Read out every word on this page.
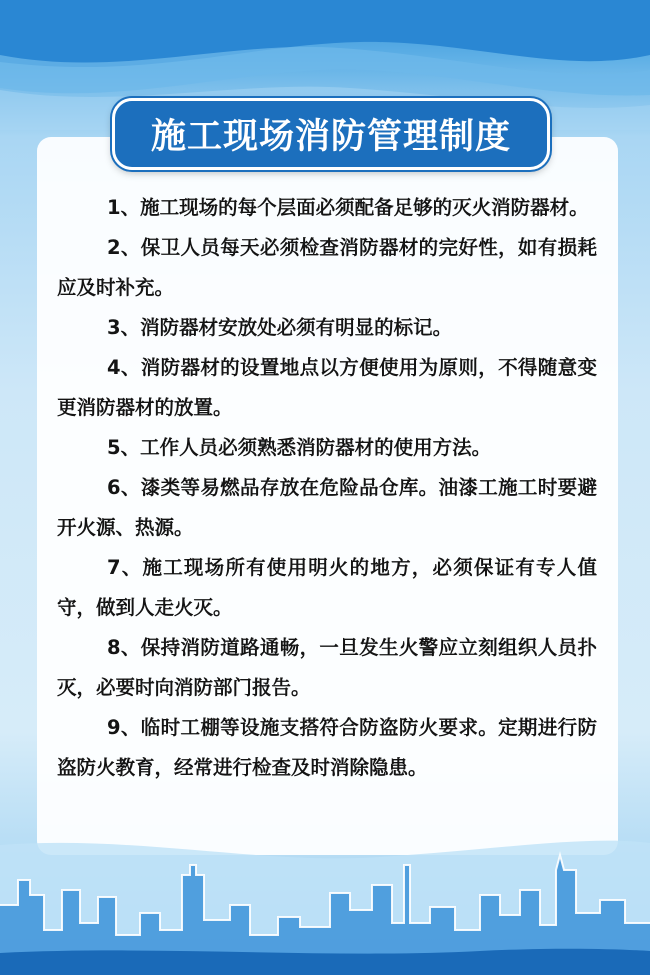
施工现场消防管理制度
1、施工现场的每个层面必须配备足够的灭火消防器材。
2、保卫人员每天必须检查消防器材的完好性，如有损耗应及时补充。
3、消防器材安放处必须有明显的标记。
4、消防器材的设置地点以方便使用为原则，不得随意变更消防器材的放置。
5、工作人员必须熟悉消防器材的使用方法。
6、漆类等易燃品存放在危险品仓库。油漆工施工时要避开火源、热源。
7、施工现场所有使用明火的地方，必须保证有专人值守，做到人走火灭。
8、保持消防道路通畅，一旦发生火警应立刻组织人员扑灭，必要时向消防部门报告。
9、临时工棚等设施支搭符合防盗防火要求。定期进行防盗防火教育，经常进行检查及时消除隐患。
